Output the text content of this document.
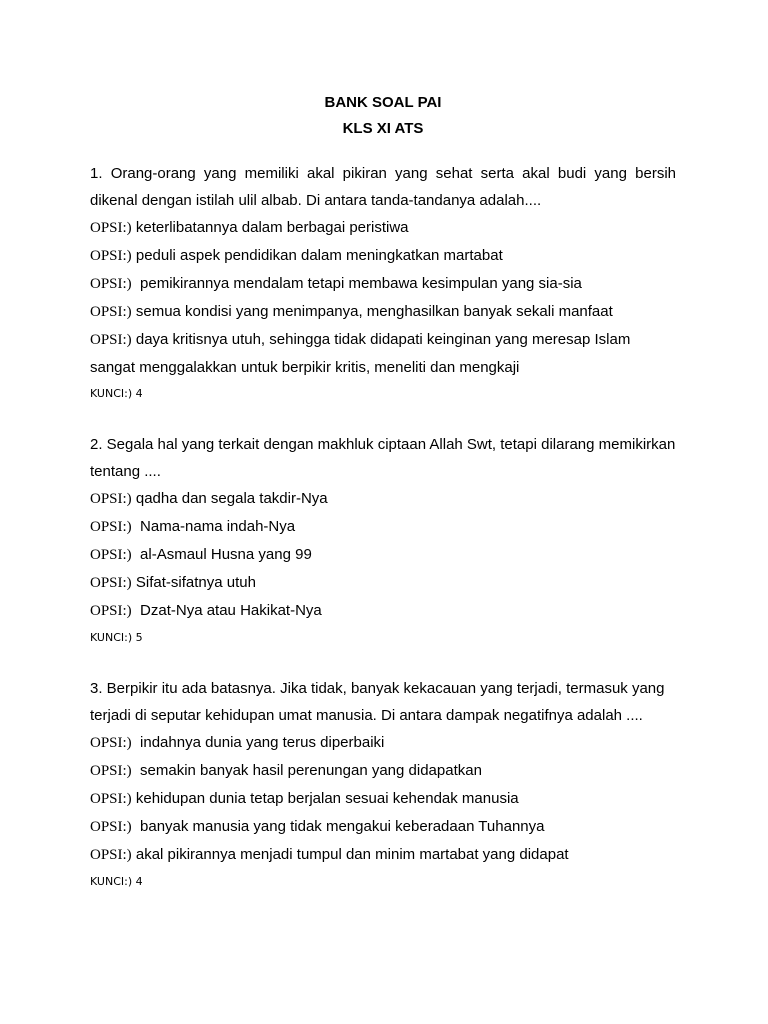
BANK SOAL PAI

KLS XI ATS

1. Orang-orang yang memiliki akal pikiran yang sehat serta akal budi yang bersih dikenal dengan istilah ulil albab. Di antara tanda-tandanya adalah....

OPSI:) keterlibatannya dalam berbagai peristiwa

OPSI:) peduli aspek pendidikan dalam meningkatkan martabat

OPSI:)  pemikirannya mendalam tetapi membawa kesimpulan yang sia-sia

OPSI:) semua kondisi yang menimpanya, menghasilkan banyak sekali manfaat

OPSI:) daya kritisnya utuh, sehingga tidak didapati keinginan yang meresap Islam sangat menggalakkan untuk berpikir kritis, meneliti dan mengkaji

KUNCI:) 4

2. Segala hal yang terkait dengan makhluk ciptaan Allah Swt, tetapi dilarang memikirkan tentang ....

OPSI:) qadha dan segala takdir-Nya

OPSI:)  Nama-nama indah-Nya

OPSI:)  al-Asmaul Husna yang 99

OPSI:) Sifat-sifatnya utuh

OPSI:)  Dzat-Nya atau Hakikat-Nya

KUNCI:) 5

3. Berpikir itu ada batasnya. Jika tidak, banyak kekacauan yang terjadi, termasuk yang terjadi di seputar kehidupan umat manusia. Di antara dampak negatifnya adalah ....

OPSI:)  indahnya dunia yang terus diperbaiki

OPSI:)  semakin banyak hasil perenungan yang didapatkan

OPSI:) kehidupan dunia tetap berjalan sesuai kehendak manusia

OPSI:)  banyak manusia yang tidak mengakui keberadaan Tuhannya

OPSI:) akal pikirannya menjadi tumpul dan minim martabat yang didapat

KUNCI:) 4
